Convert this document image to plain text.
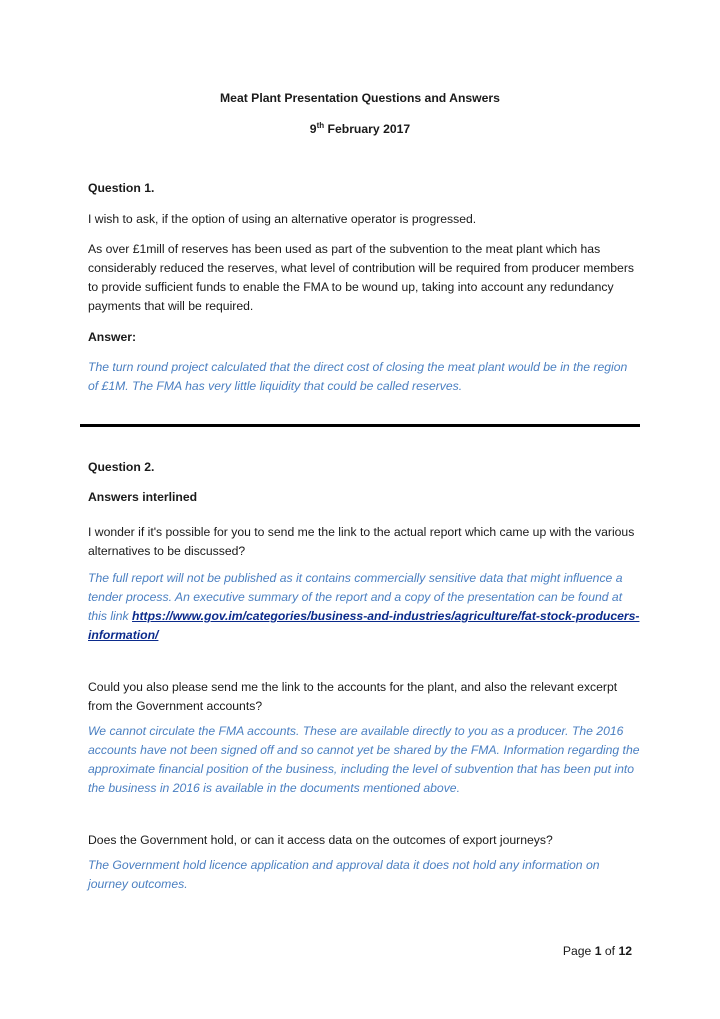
Meat Plant Presentation Questions and Answers
9th February 2017
Question 1.
I wish to ask, if the option of using an alternative operator is progressed.
As over £1mill of reserves has been used as part of the subvention to the meat plant which has considerably reduced the reserves, what level of contribution will be required from producer members to provide sufficient funds to enable the FMA to be wound up, taking into account any redundancy payments that will be required.
Answer:
The turn round project calculated that the direct cost of closing the meat plant would be in the region of £1M. The FMA has very little liquidity that could be called reserves.
Question 2.
Answers interlined
I wonder if it's possible for you to send me the link to the actual report which came up with the various alternatives to be discussed?
The full report will not be published as it contains commercially sensitive data that might influence a tender process. An executive summary of the report and a copy of the presentation can be found at this link https://www.gov.im/categories/business-and-industries/agriculture/fat-stock-producers-information/
Could you also please send me the link to the accounts for the plant, and also the relevant excerpt from the Government accounts?
We cannot circulate the FMA accounts. These are available directly to you as a producer. The 2016 accounts have not been signed off and so cannot yet be shared by the FMA. Information regarding the approximate financial position of the business, including the level of subvention that has been put into the business in 2016 is available in the documents mentioned above.
Does the Government hold, or can it access data on the outcomes of export journeys?
The Government hold licence application and approval data it does not hold any information on journey outcomes.
Page 1 of 12
